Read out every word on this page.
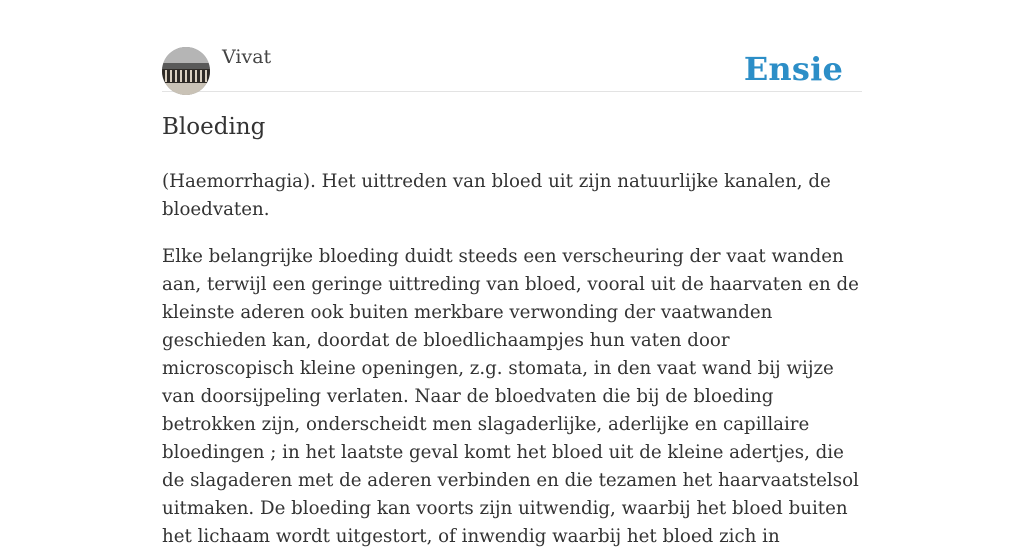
Vivat	Ensie
Bloeding

(Haemorrhagia). Het uittreden van bloed uit zijn natuurlijke kanalen, de bloedvaten.

Elke belangrijke bloeding duidt steeds een verscheuring der vaat wanden aan, terwijl een geringe uittreding van bloed, vooral uit de haarvaten en de kleinste aderen ook buiten merkbare verwonding der vaatwanden geschieden kan, doordat de bloedlichaampjes hun vaten door microscopisch kleine openingen, z.g. stomata, in den vaat wand bij wijze van doorsijpeling verlaten. Naar de bloedvaten die bij de bloeding betrokken zijn, onderscheidt men slagaderlijke, aderlijke en capillaire bloedingen ; in het laatste geval komt het bloed uit de kleine adertjes, die de slagaderen met de aderen verbinden en die tezamen het haarvaatstelsol uitmaken. De bloeding kan voorts zijn uitwendig, waarbij het bloed buiten het lichaam wordt uitgestort, of inwendig waarbij het bloed zich in
